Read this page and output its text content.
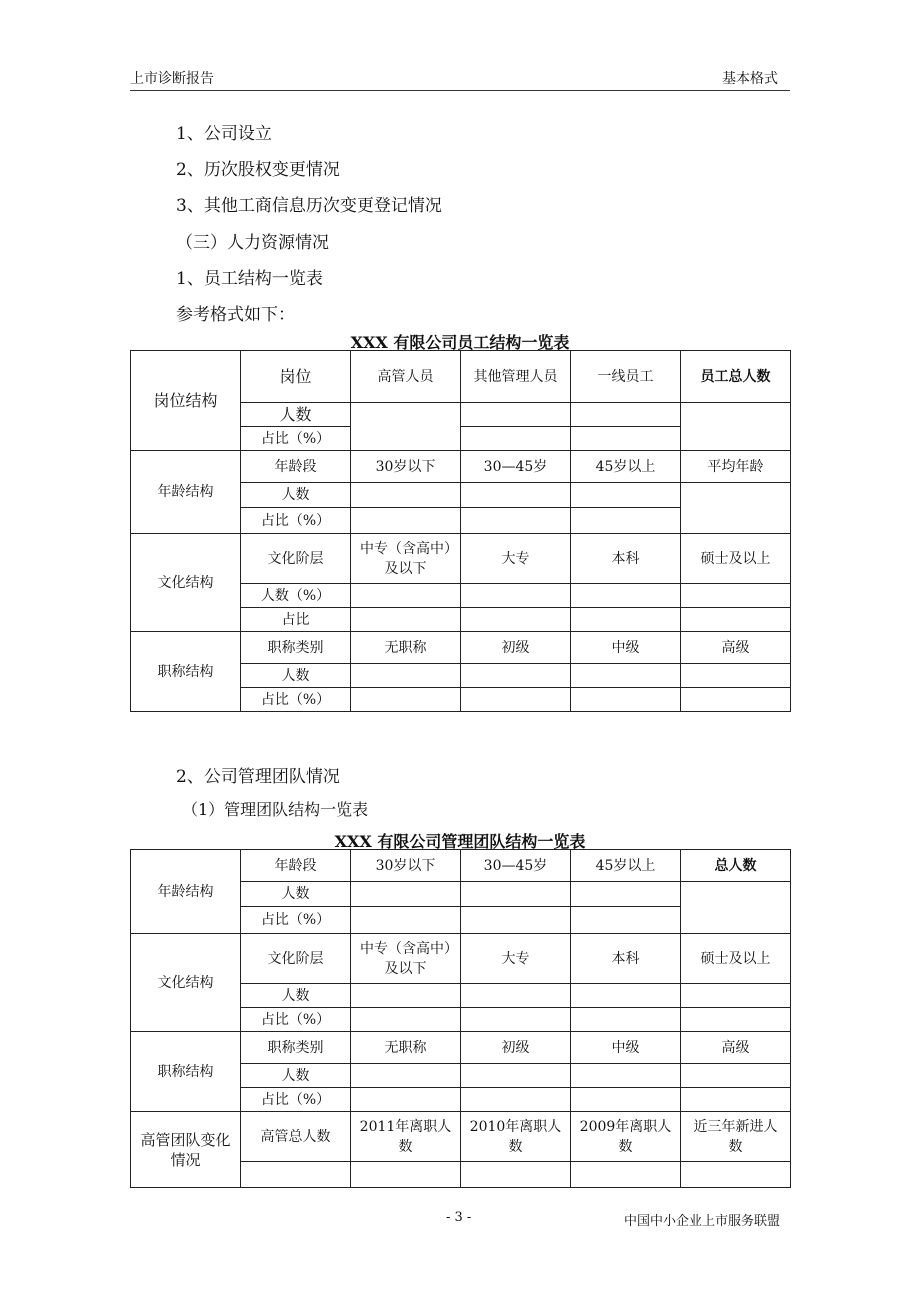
上市诊断报告	基本格式
1、公司设立
2、历次股权变更情况
3、其他工商信息历次变更登记情况
（三）人力资源情况
1、员工结构一览表
参考格式如下：
XXX 有限公司员工结构一览表
岗位结构	岗位	高管人员	其他管理人员	一线员工	员工总人数
	人数				
	占比（%）				
年龄结构	年龄段	30岁以下	30—45岁	45岁以上	平均年龄
	人数				
	占比（%）				
文化结构	文化阶层	中专（含高中）及以下	大专	本科	硕士及以上
	人数（%）				
	占比				
职称结构	职称类别	无职称	初级	中级	高级
	人数				
	占比（%）				
2、公司管理团队情况
（1）管理团队结构一览表
XXX 有限公司管理团队结构一览表
年龄结构	年龄段	30岁以下	30—45岁	45岁以上	总人数
	人数				
	占比（%）				
文化结构	文化阶层	中专（含高中）及以下	大专	本科	硕士及以上
	人数				
	占比（%）				
职称结构	职称类别	无职称	初级	中级	高级
	人数				
	占比（%）				
高管团队变化情况	高管总人数	2011年离职人数	2010年离职人数	2009年离职人数	近三年新进人数

- 3 -	中国中小企业上市服务联盟
